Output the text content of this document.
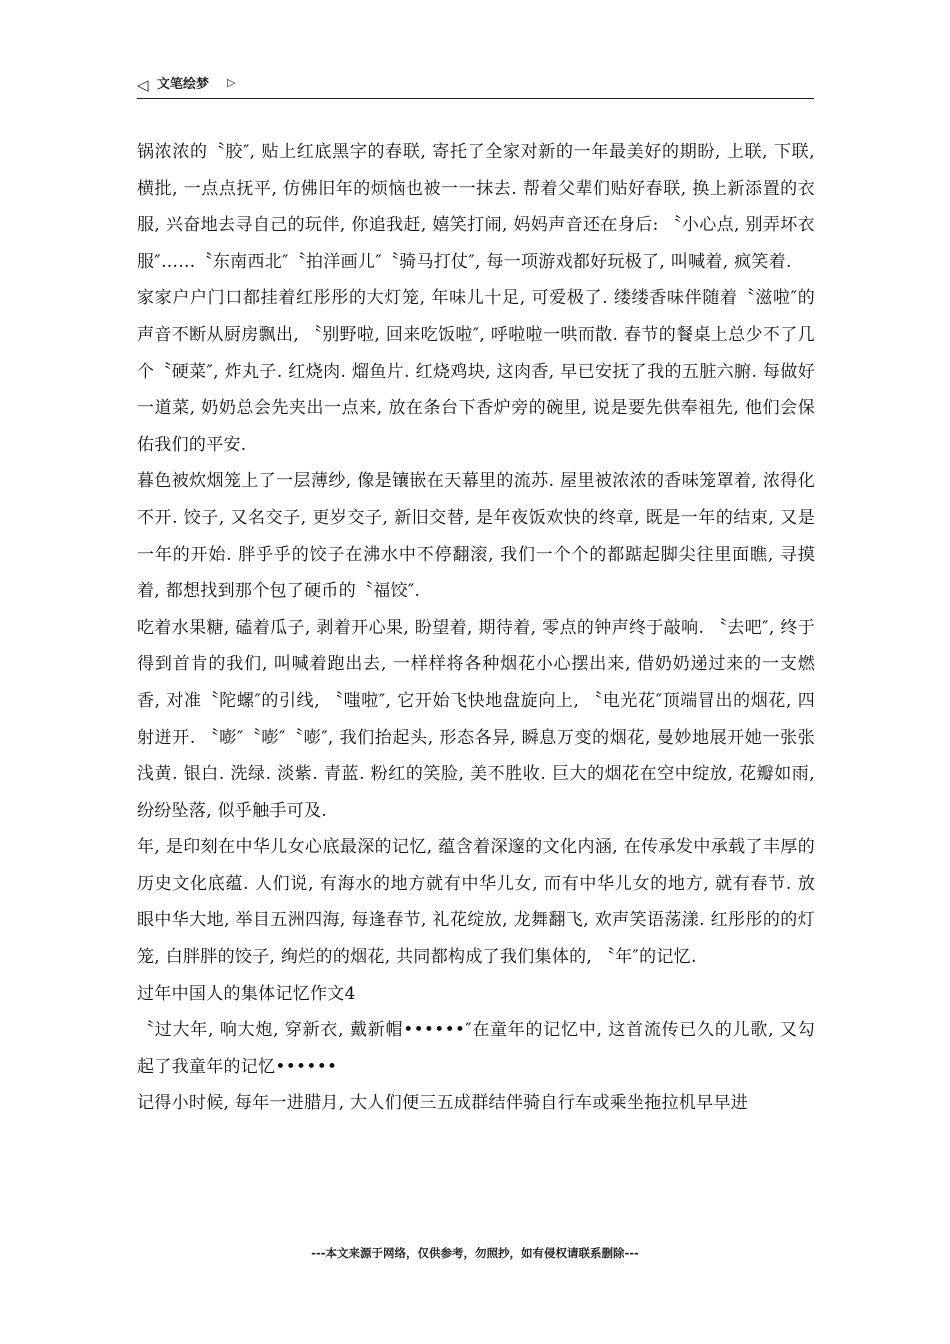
◁ 文笔绘梦 ▷

锅浓浓的〝胶″, 贴上红底黑字的春联, 寄托了全家对新的一年最美好的期盼, 上联, 下联, 横批, 一点点抚平, 仿佛旧年的烦恼也被一一抹去. 帮着父辈们贴好春联, 换上新添置的衣服, 兴奋地去寻自己的玩伴, 你追我赶, 嬉笑打闹, 妈妈声音还在身后: 〝小心点, 别弄坏衣服″……〝东南西北″〝拍洋画儿″〝骑马打仗″, 每一项游戏都好玩极了, 叫喊着, 疯笑着.

家家户户门口都挂着红彤彤的大灯笼, 年味儿十足, 可爱极了. 缕缕香味伴随着〝滋啦″的声音不断从厨房飘出, 〝别野啦, 回来吃饭啦″, 呼啦啦一哄而散. 春节的餐桌上总少不了几个〝硬菜″, 炸丸子. 红烧肉. 熘鱼片. 红烧鸡块, 这肉香, 早已安抚了我的五脏六腑. 每做好一道菜, 奶奶总会先夹出一点来, 放在条台下香炉旁的碗里, 说是要先供奉祖先, 他们会保佑我们的平安.

暮色被炊烟笼上了一层薄纱, 像是镶嵌在天幕里的流苏. 屋里被浓浓的香味笼罩着, 浓得化不开. 饺子, 又名交子, 更岁交子, 新旧交替, 是年夜饭欢快的终章, 既是一年的结束, 又是一年的开始. 胖乎乎的饺子在沸水中不停翻滚, 我们一个个的都踮起脚尖往里面瞧, 寻摸着, 都想找到那个包了硬币的〝福饺″.

吃着水果糖, 磕着瓜子, 剥着开心果, 盼望着, 期待着, 零点的钟声终于敲响. 〝去吧″, 终于得到首肯的我们, 叫喊着跑出去, 一样样将各种烟花小心摆出来, 借奶奶递过来的一支燃香, 对准〝陀螺″的引线, 〝嗤啦″, 它开始飞快地盘旋向上, 〝电光花″顶端冒出的烟花, 四射迸开. 〝嘭″〝嘭″〝嘭″, 我们抬起头, 形态各异, 瞬息万变的烟花, 曼妙地展开她一张张浅黄. 银白. 洗绿. 淡紫. 青蓝. 粉红的笑脸, 美不胜收. 巨大的烟花在空中绽放, 花瓣如雨, 纷纷坠落, 似乎触手可及.

年, 是印刻在中华儿女心底最深的记忆, 蕴含着深邃的文化内涵, 在传承发中承载了丰厚的历史文化底蕴. 人们说, 有海水的地方就有中华儿女, 而有中华儿女的地方, 就有春节. 放眼中华大地, 举目五洲四海, 每逢春节, 礼花绽放, 龙舞翻飞, 欢声笑语荡漾. 红彤彤的的灯笼, 白胖胖的饺子, 绚烂的的烟花, 共同都构成了我们集体的, 〝年″的记忆.

过年中国人的集体记忆作文4

〝过大年, 响大炮, 穿新衣, 戴新帽••••••″在童年的记忆中, 这首流传已久的儿歌, 又勾起了我童年的记忆••••••

记得小时候, 每年一进腊月, 大人们便三五成群结伴骑自行车或乘坐拖拉机早早进

---本文来源于网络，仅供参考，勿照抄，如有侵权请联系删除---
